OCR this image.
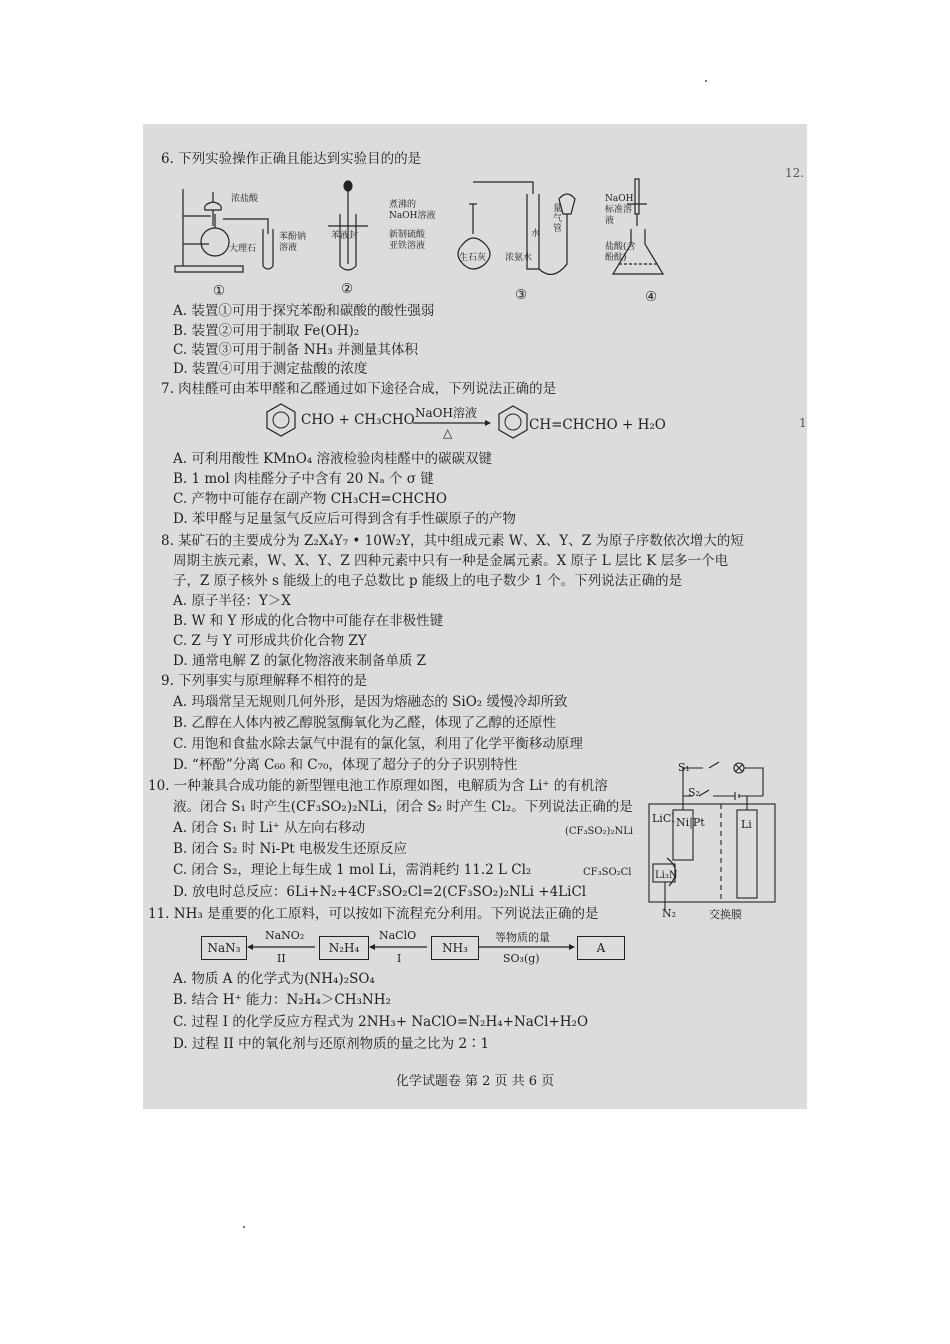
12.
1
6. 下列实验操作正确且能达到实验目的的是
浓盐酸
大理石
苯酚钠溶液
苯液封
煮沸的NaOH溶液
新制硫酸亚铁溶液
生石灰 浓氨水
水
量气管
NaOH标准溶液
盐酸(含酚酞)
①	②	③	④
A. 装置①可用于探究苯酚和碳酸的酸性强弱
B. 装置②可用于制取 Fe(OH)₂
C. 装置③可用于制备 NH₃ 并测量其体积
D. 装置④可用于测定盐酸的浓度
7. 肉桂醛可由苯甲醛和乙醛通过如下途径合成，下列说法正确的是
CHO + CH₃CHO NaOH溶液
△	CH=CHCHO + H₂O
A. 可利用酸性 KMnO₄ 溶液检验肉桂醛中的碳碳双键
B. 1 mol 肉桂醛分子中含有 20 Nₐ 个 σ 键
C. 产物中可能存在副产物 CH₃CH=CHCHO
D. 苯甲醛与足量氢气反应后可得到含有手性碳原子的产物
8. 某矿石的主要成分为 Z₂X₄Y₇ • 10W₂Y，其中组成元素 W、X、Y、Z 为原子序数依次增大的短
周期主族元素，W、X、Y、Z 四种元素中只有一种是金属元素。X 原子 L 层比 K 层多一个电
子，Z 原子核外 s 能级上的电子总数比 p 能级上的电子数少 1 个。下列说法正确的是
A. 原子半径：Y＞X
B. W 和 Y 形成的化合物中可能存在非极性键
C. Z 与 Y 可形成共价化合物 ZY
D. 通常电解 Z 的氯化物溶液来制备单质 Z
9. 下列事实与原理解释不相符的是
A. 玛瑙常呈无规则几何外形，是因为熔融态的 SiO₂ 缓慢冷却所致
B. 乙醇在人体内被乙醇脱氢酶氧化为乙醛，体现了乙醇的还原性
C. 用饱和食盐水除去氯气中混有的氯化氢，利用了化学平衡移动原理
D. “杯酚”分离 C₆₀ 和 C₇₀，体现了超分子的分子识别特性
10. 一种兼具合成功能的新型锂电池工作原理如图，电解质为含 Li⁺ 的有机溶
液。闭合 S₁ 时产生(CF₃SO₂)₂NLi，闭合 S₂ 时产生 Cl₂。下列说法正确的是
A. 闭合 S₁ 时 Li⁺ 从左向右移动
B. 闭合 S₂ 时 Ni-Pt 电极发生还原反应
C. 闭合 S₂，理论上每生成 1 mol Li，需消耗约 11.2 L Cl₂
D. 放电时总反应：6Li+N₂+4CF₃SO₂Cl=2(CF₃SO₂)₂NLi +4LiCl
S₁
S₂
LiCl Ni|Pt	Li
(CF₃SO₂)₂NLi
CF₃SO₂Cl Li₃N
N₂	交换膜
11. NH₃ 是重要的化工原料，可以按如下流程充分利用。下列说法正确的是
NaN₃
NaNO₂
II
N₂H₄
NaClO
I
NH₃
等物质的量
SO₃(g)
A
A. 物质 A 的化学式为(NH₄)₂SO₄
B. 结合 H⁺ 能力：N₂H₄＞CH₃NH₂
C. 过程 I 的化学反应方程式为 2NH₃+ NaClO=N₂H₄+NaCl+H₂O
D. 过程 II 中的氧化剂与还原剂物质的量之比为 2∶1
化学试题卷 第 2 页 共 6 页
